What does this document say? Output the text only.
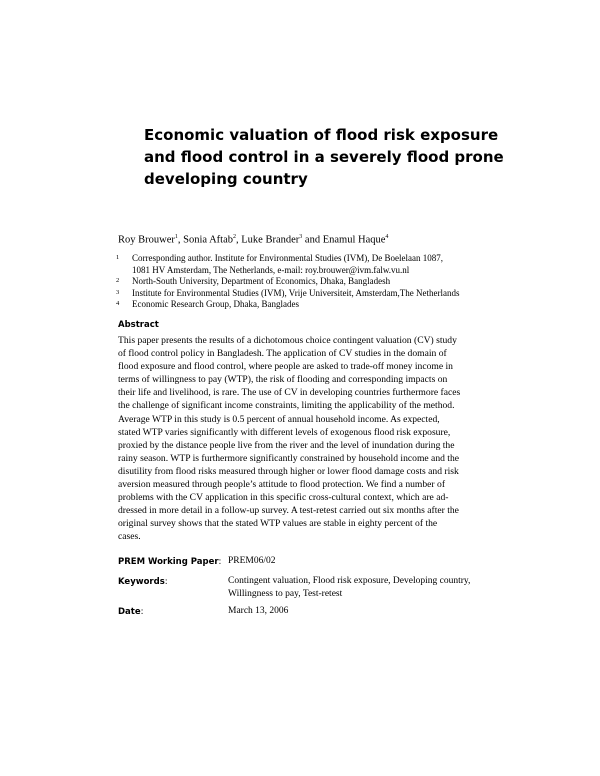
Economic valuation of flood risk exposure
and flood control in a severely flood prone
developing country
Roy Brouwer$^1$, Sonia Aftab$^2$, Luke Brander$^3$ and Enamul Haque$^4$
1 Corresponding author. Institute for Environmental Studies (IVM), De Boelelaan 1087,
1081 HV Amsterdam, The Netherlands, e-mail: roy.brouwer@ivm.falw.vu.nl
2 North-South University, Department of Economics, Dhaka, Bangladesh
3 Institute for Environmental Studies (IVM), Vrije Universiteit, Amsterdam,The Netherlands
4 Economic Research Group, Dhaka, Banglades
Abstract
This paper presents the results of a dichotomous choice contingent valuation (CV) study
of flood control policy in Bangladesh. The application of CV studies in the domain of
flood exposure and flood control, where people are asked to trade-off money income in
terms of willingness to pay (WTP), the risk of flooding and corresponding impacts on
their life and livelihood, is rare. The use of CV in developing countries furthermore faces
the challenge of significant income constraints, limiting the applicability of the method.
Average WTP in this study is 0.5 percent of annual household income. As expected,
stated WTP varies significantly with different levels of exogenous flood risk exposure,
proxied by the distance people live from the river and the level of inundation during the
rainy season. WTP is furthermore significantly constrained by household income and the
disutility from flood risks measured through higher or lower flood damage costs and risk
aversion measured through people’s attitude to flood protection. We find a number of
problems with the CV application in this specific cross-cultural context, which are ad-
dressed in more detail in a follow-up survey. A test-retest carried out six months after the
original survey shows that the stated WTP values are stable in eighty percent of the
cases.
PREM Working Paper: PREM06/02
Keywords:	Contingent valuation, Flood risk exposure, Developing country,
Willingness to pay, Test-retest
Date:	March 13, 2006
